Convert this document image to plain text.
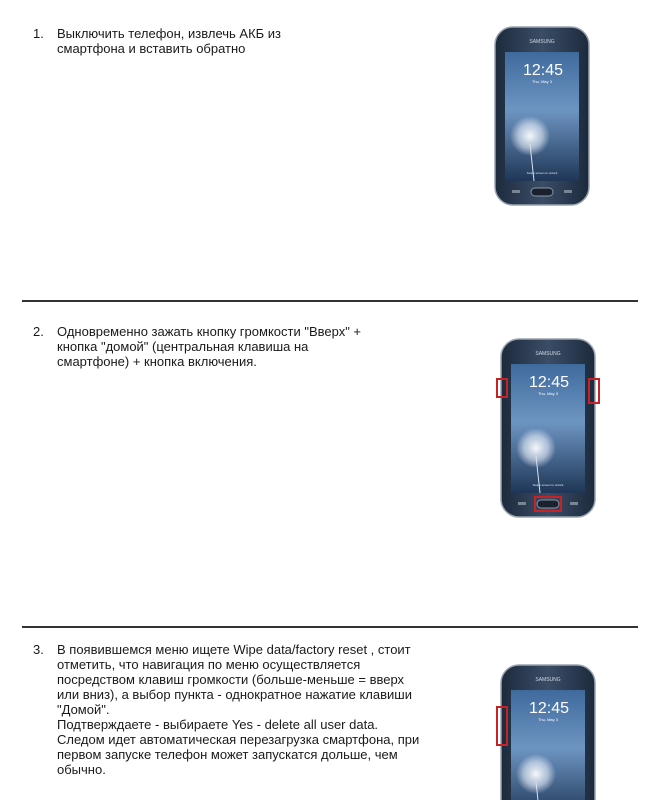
1. Выключить телефон, извлечь АКБ из
смартфона и вставить обратно	SAMSUNG
12:45
Thu, May 3
Swipe screen to unlock
2. Одновременно зажать кнопку громкости "Вверх" +
кнопка "домой" (центральная клавиша на
смартфоне) + кнопка включения.	SAMSUNG
12:45
Thu, May 3
Swipe screen to unlock
3. В появившемся меню ищете Wipe data/factory reset , стоит
отметить, что навигация по меню осуществляется
посредством клавиш громкости (больше-меньше = вверх
или вниз), а выбор пункта - однократное нажатие клавиши
"Домой".
Подтверждаете - выбираете Yes - delete all user data.
Следом идет автоматическая перезагрузка смартфона, при
первом запуске телефон может запускатся дольше, чем
обычно.
SAMSUNG
12:45
Thu, May 3
